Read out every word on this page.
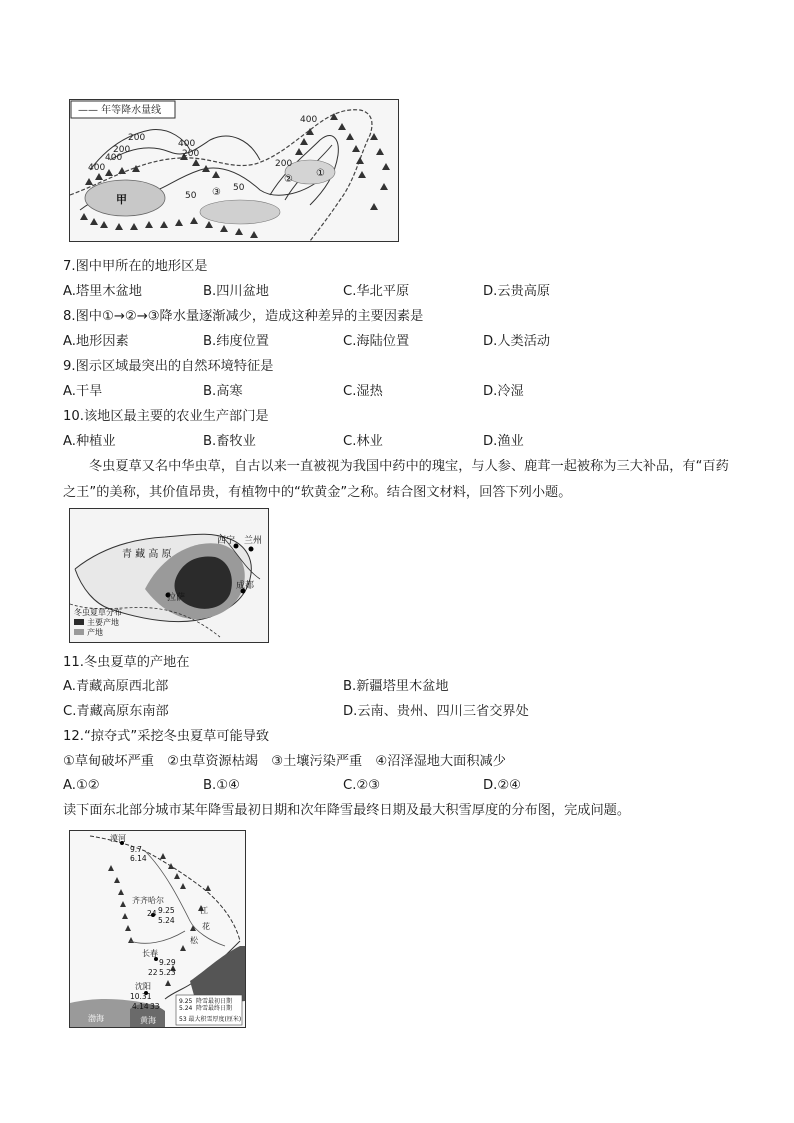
—— 年等降水量线
400
200
200
400
400
400
200
200
50
50
甲
①
②
③
7.图中甲所在的地形区是
A.塔里木盆地	B.四川盆地	C.华北平原	D.云贵高原
8.图中①→②→③降水量逐渐减少，造成这种差异的主要因素是
A.地形因素	B.纬度位置	C.海陆位置	D.人类活动
9.图示区域最突出的自然环境特征是
A.干旱	B.高寒	C.湿热	D.冷湿
10.该地区最主要的农业生产部门是
A.种植业	B.畜牧业	C.林业	D.渔业
冬虫夏草又名中华虫草，自古以来一直被视为我国中药中的瑰宝，与人参、鹿茸一起被称为三大补品，有“百药之王”的美称，其价值昂贵，有植物中的“软黄金”之称。结合图文材料，回答下列小题。
青 藏 高 原
西宁 兰州
成都
拉萨
冬虫夏草分布
主要产地
产地
11.冬虫夏草的产地在
A.青藏高原西北部	B.新疆塔里木盆地
C.青藏高原东南部	D.云南、贵州、四川三省交界处
12.“掠夺式”采挖冬虫夏草可能导致
①草甸破坏严重　②虫草资源枯竭　③土壤污染严重　④沼泽湿地大面积减少
A.①②	B.①④	C.②③	D.②④
读下面东北部分城市某年降雪最初日期和次年降雪最终日期及最大积雪厚度的分布图，完成问题。
漠河
9.7
6.14
齐齐哈尔
24 9.25
5.24
长春
9.29
5.23
22
沈阳
10.31
4.14 33
江
松
花
9.25
5.24
降雪最初日期
降雪最终日期
53 最大积雪厚度(厘米)
渤海	黄海
